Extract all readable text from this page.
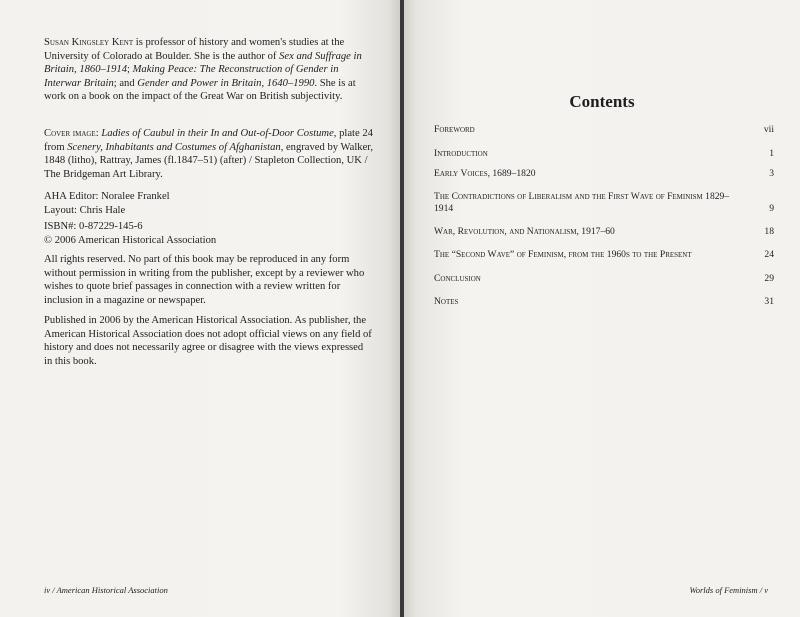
Susan Kingsley Kent is professor of history and women's studies at the University of Colorado at Boulder. She is the author of Sex and Suffrage in Britain, 1860–1914; Making Peace: The Reconstruction of Gender in Interwar Britain; and Gender and Power in Britain, 1640–1990. She is at work on a book on the impact of the Great War on British subjectivity.

Cover image: Ladies of Caubul in their In and Out-of-Door Costume, plate 24 from Scenery, Inhabitants and Costumes of Afghanistan, engraved by Walker, 1848 (litho), Rattray, James (fl.1847–51) (after) / Stapleton Collection, UK / The Bridgeman Art Library.

AHA Editor: Noralee Frankel

Layout: Chris Hale

ISBN#: 0-87229-145-6

© 2006 American Historical Association

All rights reserved. No part of this book may be reproduced in any form without permission in writing from the publisher, except by a reviewer who wishes to quote brief passages in connection with a review written for inclusion in a magazine or newspaper.

Published in 2006 by the American Historical Association. As publisher, the American Historical Association does not adopt official views on any field of history and does not necessarily agree or disagree with the views expressed in this book.

iv / American Historical Association
Contents
Foreword	vii
Introduction	1
Early Voices, 1689–1820	3
The Contradictions of Liberalism and the First Wave of Feminism 1829–1914	9
War, Revolution, and Nationalism, 1917–60	18
The “Second Wave” of Feminism, from the 1960s to the Present	24
Conclusion	29
Notes	31
Worlds of Feminism / v
